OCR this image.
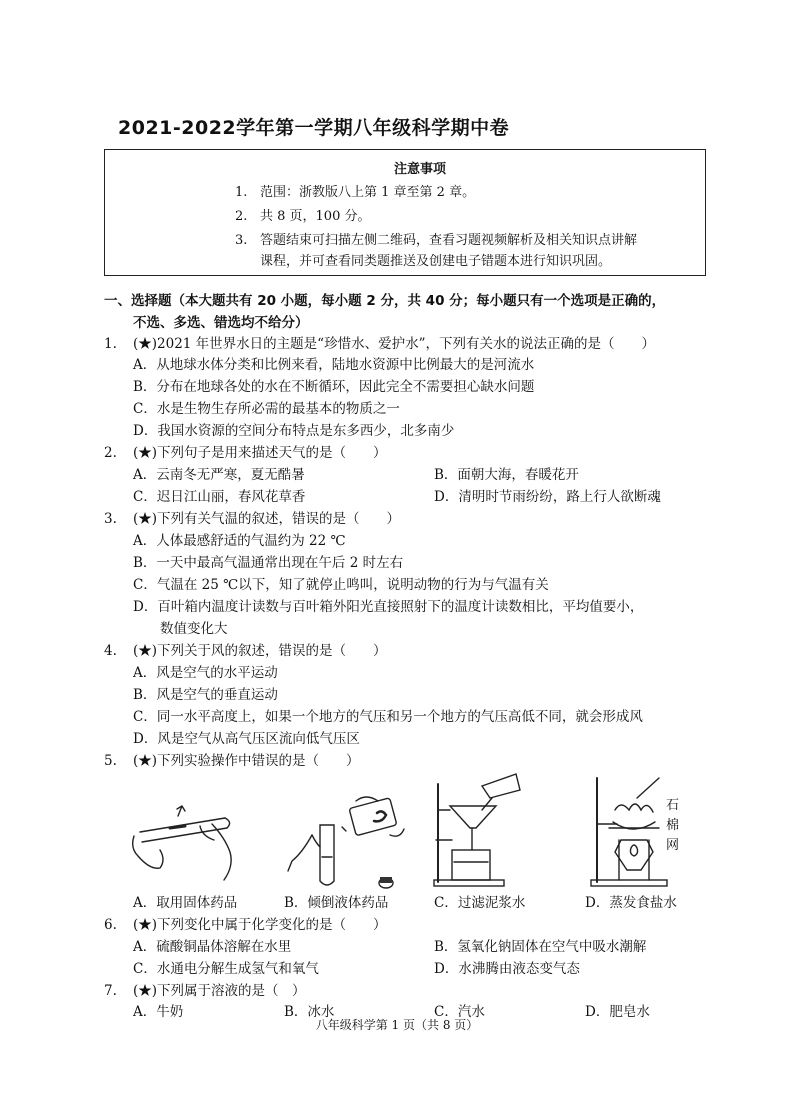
2021-2022学年第一学期八年级科学期中卷
注意事项
1. 范围：浙教版八上第 1 章至第 2 章。
2. 共 8 页，100 分。
3. 答题结束可扫描左侧二维码，查看习题视频解析及相关知识点讲解
课程，并可查看同类题推送及创建电子错题本进行知识巩固。
一、选择题（本大题共有 20 小题，每小题 2 分，共 40 分；每小题只有一个选项是正确的，
不选、多选、错选均不给分）
1. (★)2021 年世界水日的主题是“珍惜水、爱护水”，下列有关水的说法正确的是（　　）
A．从地球水体分类和比例来看，陆地水资源中比例最大的是河流水
B．分布在地球各处的水在不断循环，因此完全不需要担心缺水问题
C．水是生物生存所必需的最基本的物质之一
D．我国水资源的空间分布特点是东多西少，北多南少
2. (★)下列句子是用来描述天气的是（　　）
A．云南冬无严寒，夏无酷暑	B．面朝大海，春暖花开
C．迟日江山丽，春风花草香	D．清明时节雨纷纷，路上行人欲断魂
3. (★)下列有关气温的叙述，错误的是（　　）
A．人体最感舒适的气温约为 22 ℃
B．一天中最高气温通常出现在午后 2 时左右
C．气温在 25 ℃以下，知了就停止鸣叫，说明动物的行为与气温有关
D．百叶箱内温度计读数与百叶箱外阳光直接照射下的温度计读数相比，平均值要小，
数值变化大
4. (★)下列关于风的叙述，错误的是（　　）
A．风是空气的水平运动
B．风是空气的垂直运动
C．同一水平高度上，如果一个地方的气压和另一个地方的气压高低不同，就会形成风
D．风是空气从高气压区流向低气压区
5. (★)下列实验操作中错误的是（　　）
石
棉
网
A．取用固体药品	B．倾倒液体药品	C．过滤泥浆水	D．蒸发食盐水
6. (★)下列变化中属于化学变化的是（　　）
A．硫酸铜晶体溶解在水里	B．氢氧化钠固体在空气中吸水潮解
C．水通电分解生成氢气和氧气	D．水沸腾由液态变气态
7. (★)下列属于溶液的是（　）
A．牛奶	B．冰水	C．汽水	D．肥皂水
八年级科学第 1 页（共 8 页）
